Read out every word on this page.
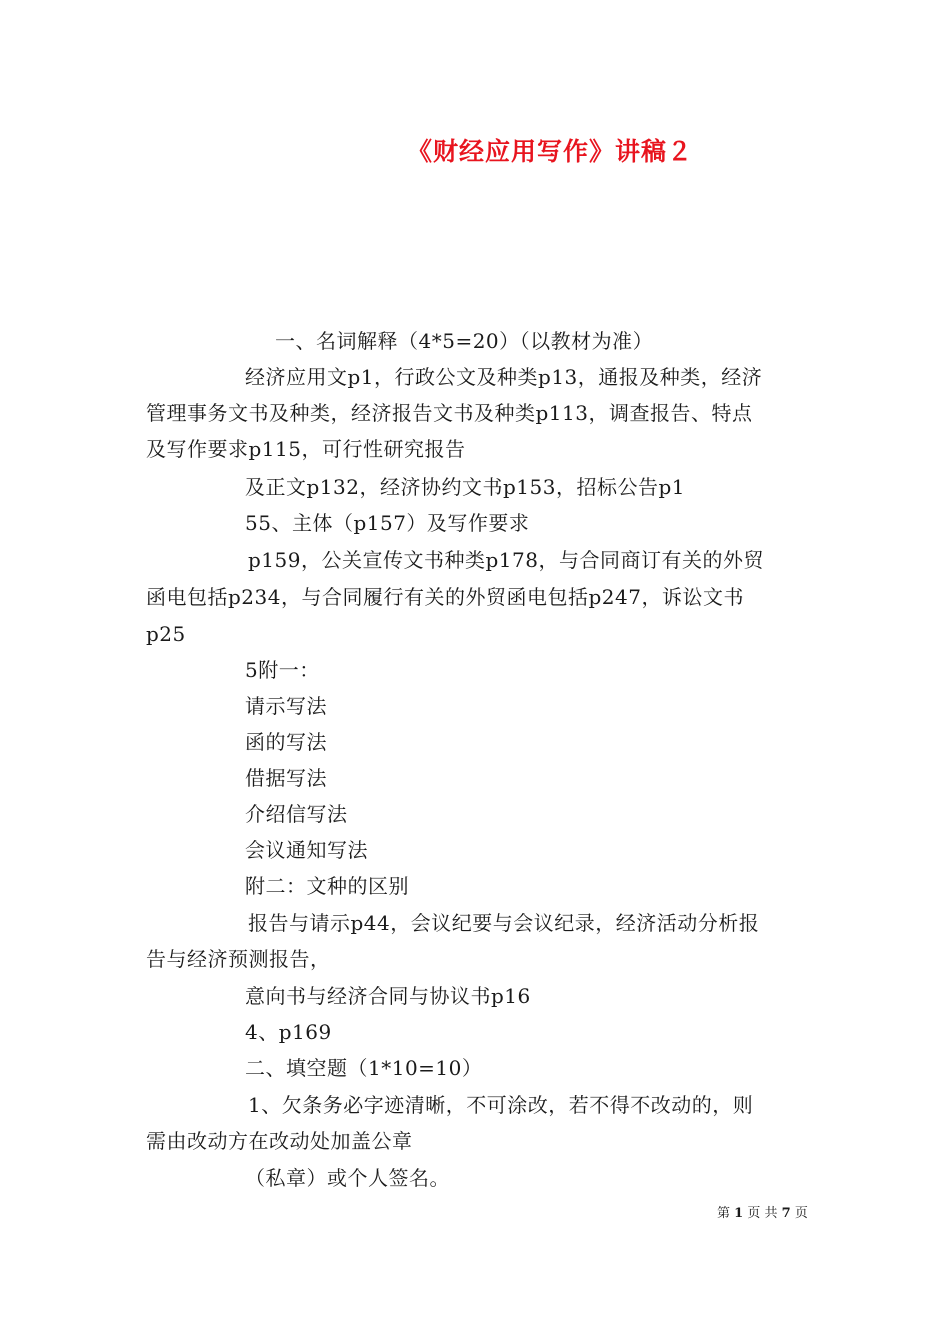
《财经应用写作》讲稿２
一、名词解释（4*5=20）（以教材为准）
经济应用文p1，行政公文及种类p13，通报及种类，经济
管理事务文书及种类，经济报告文书及种类p113，调查报告、特点
及写作要求p115，可行性研究报告
及正文p132，经济协约文书p153，招标公告p1
55、主体（p157）及写作要求
p159，公关宣传文书种类p178，与合同商订有关的外贸
函电包括p234，与合同履行有关的外贸函电包括p247，诉讼文书
p25
5附一：
请示写法
函的写法
借据写法
介绍信写法
会议通知写法
附二：文种的区别
报告与请示p44，会议纪要与会议纪录，经济活动分析报
告与经济预测报告，
意向书与经济合同与协议书p16
4、p169
二、填空题（1*10=10）
1、欠条务必字迹清晰，不可涂改，若不得不改动的，则
需由改动方在改动处加盖公章
（私章）或个人签名。
第 1 页 共 7 页
